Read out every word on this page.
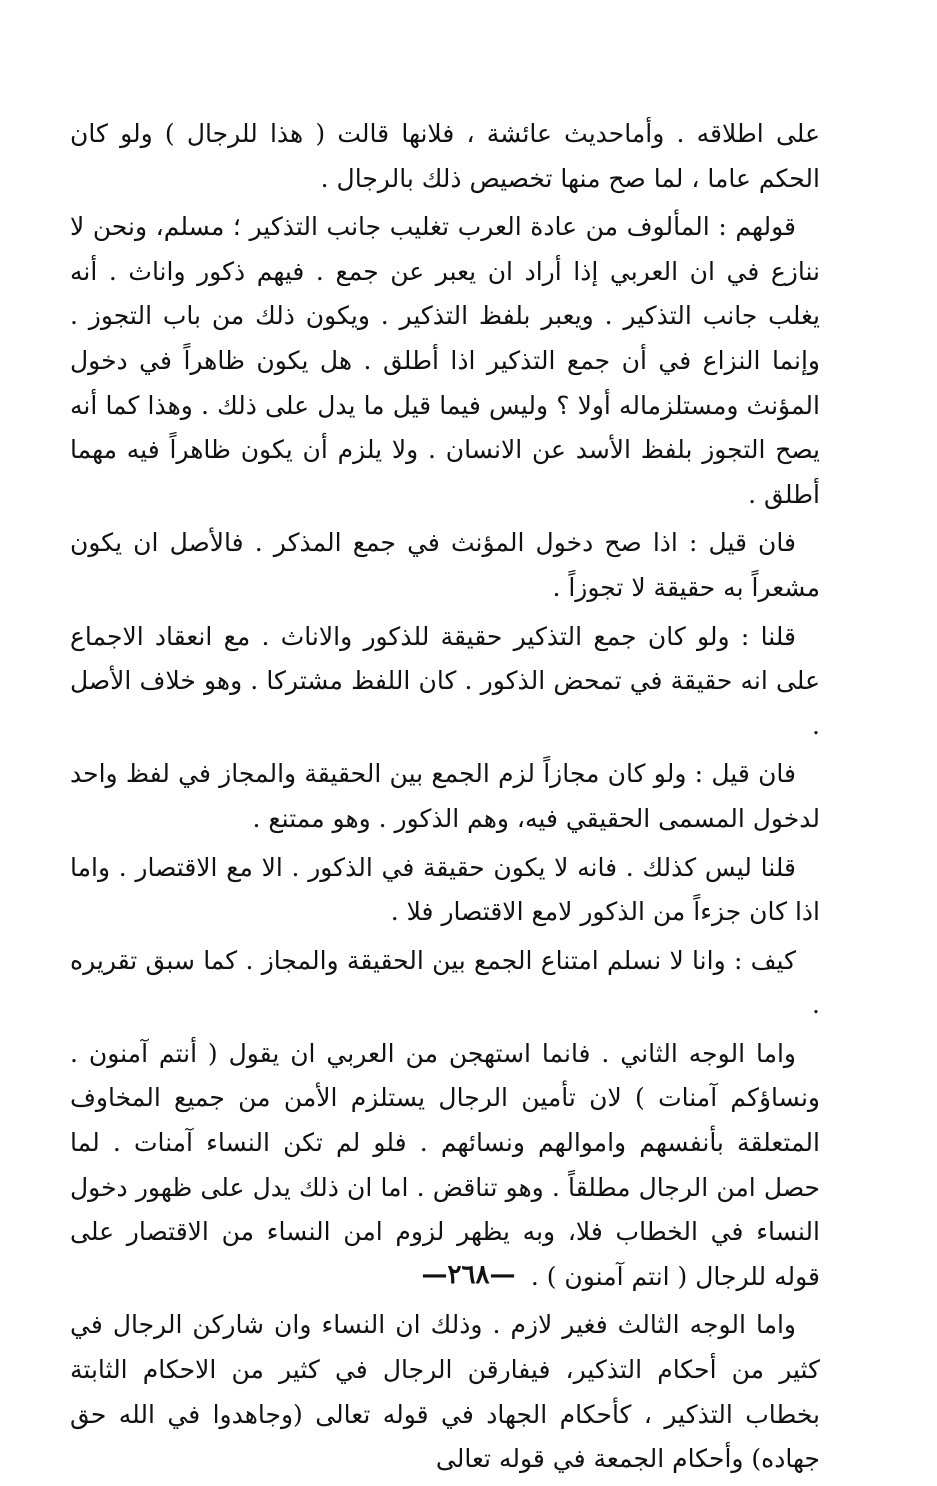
على اطلاقه . وأماحديث عائشة ، فلانها قالت ( هذا للرجال ) ولو كان الحكم عاما ، لما صح منها تخصيص ذلك بالرجال .

قولهم : المألوف من عادة العرب تغليب جانب التذكير ؛ مسلم، ونحن لا ننازع في ان العربي إذا أراد ان يعبر عن جمع . فيهم ذكور واناث . أنه يغلب جانب التذكير . ويعبر بلفظ التذكير . ويكون ذلك من باب التجوز . وإنما النزاع في أن جمع التذكير اذا أطلق . هل يكون ظاهراً في دخول المؤنث ومستلزماله أولا ؟ وليس فيما قيل ما يدل على ذلك . وهذا كما أنه يصح التجوز بلفظ الأسد عن الانسان . ولا يلزم أن يكون ظاهراً فيه مهما أطلق .

فان قيل : اذا صح دخول المؤنث في جمع المذكر . فالأصل ان يكون مشعراً به حقيقة لا تجوزاً .

قلنا : ولو كان جمع التذكير حقيقة للذكور والاناث . مع انعقاد الاجماع على انه حقيقة في تمحض الذكور . كان اللفظ مشتركا . وهو خلاف الأصل .

فان قيل : ولو كان مجازاً لزم الجمع بين الحقيقة والمجاز في لفظ واحد لدخول المسمى الحقيقي فيه، وهم الذكور . وهو ممتنع .

قلنا ليس كذلك . فانه لا يكون حقيقة في الذكور . الا مع الاقتصار . واما اذا كان جزءاً من الذكور لامع الاقتصار فلا .

كيف : وانا لا نسلم امتناع الجمع بين الحقيقة والمجاز . كما سبق تقريره .

واما الوجه الثاني . فانما استهجن من العربي ان يقول ( أنتم آمنون . ونساؤكم آمنات ) لان تأمين الرجال يستلزم الأمن من جميع المخاوف المتعلقة بأنفسهم واموالهم ونسائهم . فلو لم تكن النساء آمنات . لما حصل امن الرجال مطلقاً . وهو تناقض . اما ان ذلك يدل على ظهور دخول النساء في الخطاب فلا، وبه يظهر لزوم امن النساء من الاقتصار على قوله للرجال ( انتم آمنون ) .

واما الوجه الثالث فغير لازم . وذلك ان النساء وان شاركن الرجال في كثير من أحكام التذكير، فيفارقن الرجال في كثير من الاحكام الثابتة بخطاب التذكير ، كأحكام الجهاد في قوله تعالى (وجاهدوا في الله حق جهاده) وأحكام الجمعة في قوله تعالى

—٢٦٨—
